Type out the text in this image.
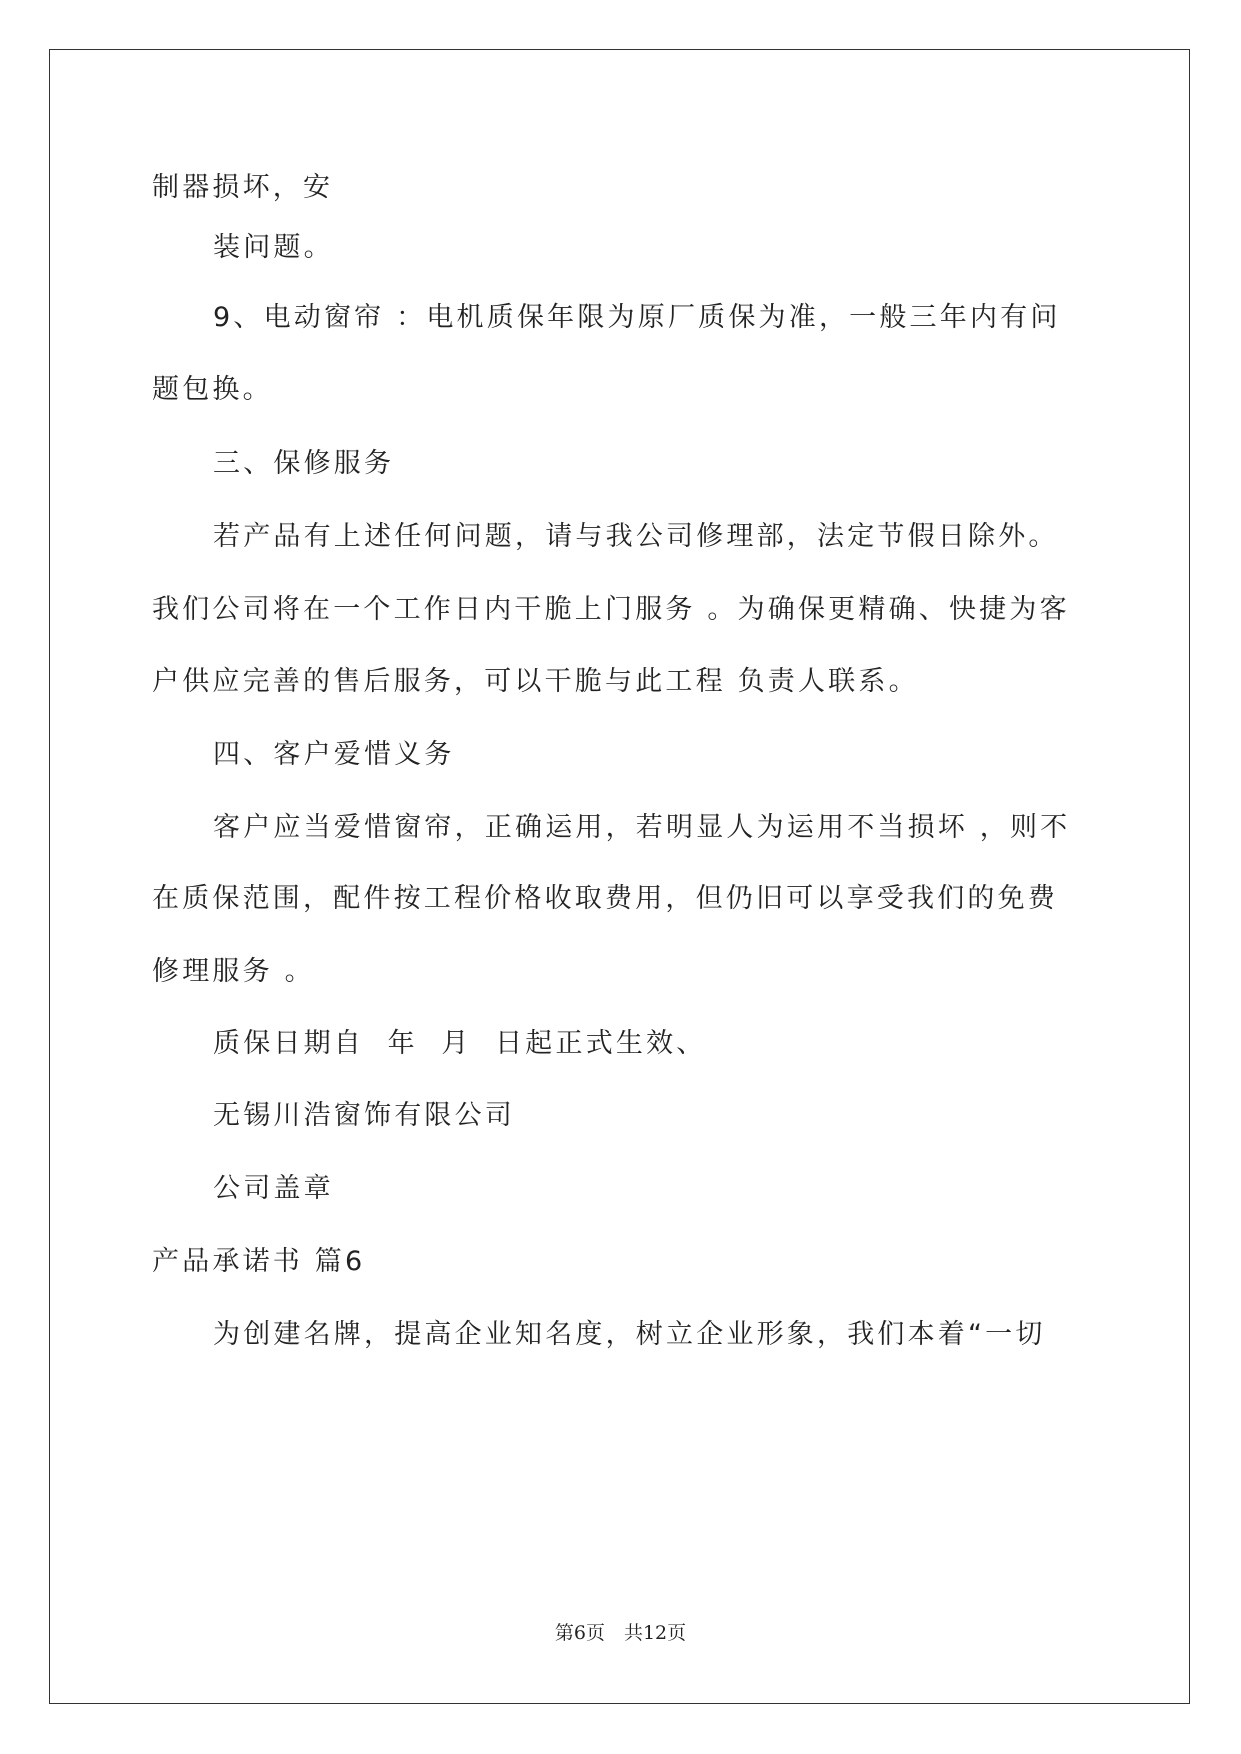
制器损坏，安
装问题。
9、电动窗帘 ：电机质保年限为原厂质保为准，一般三年内有问
题包换。
三、保修服务
若产品有上述任何问题，请与我公司修理部，法定节假日除外。
我们公司将在一个工作日内干脆上门服务 。为确保更精确、快捷为客
户供应完善的售后服务，可以干脆与此工程 负责人联系。
四、客户爱惜义务
客户应当爱惜窗帘，正确运用，若明显人为运用不当损坏 ，则不
在质保范围，配件按工程价格收取费用，但仍旧可以享受我们的免费
修理服务 。
质保日期自  年  月  日起正式生效、
无锡川浩窗饰有限公司
公司盖章
产品承诺书 篇6
为创建名牌，提高企业知名度，树立企业形象，我们本着“一切
第6页　共12页
